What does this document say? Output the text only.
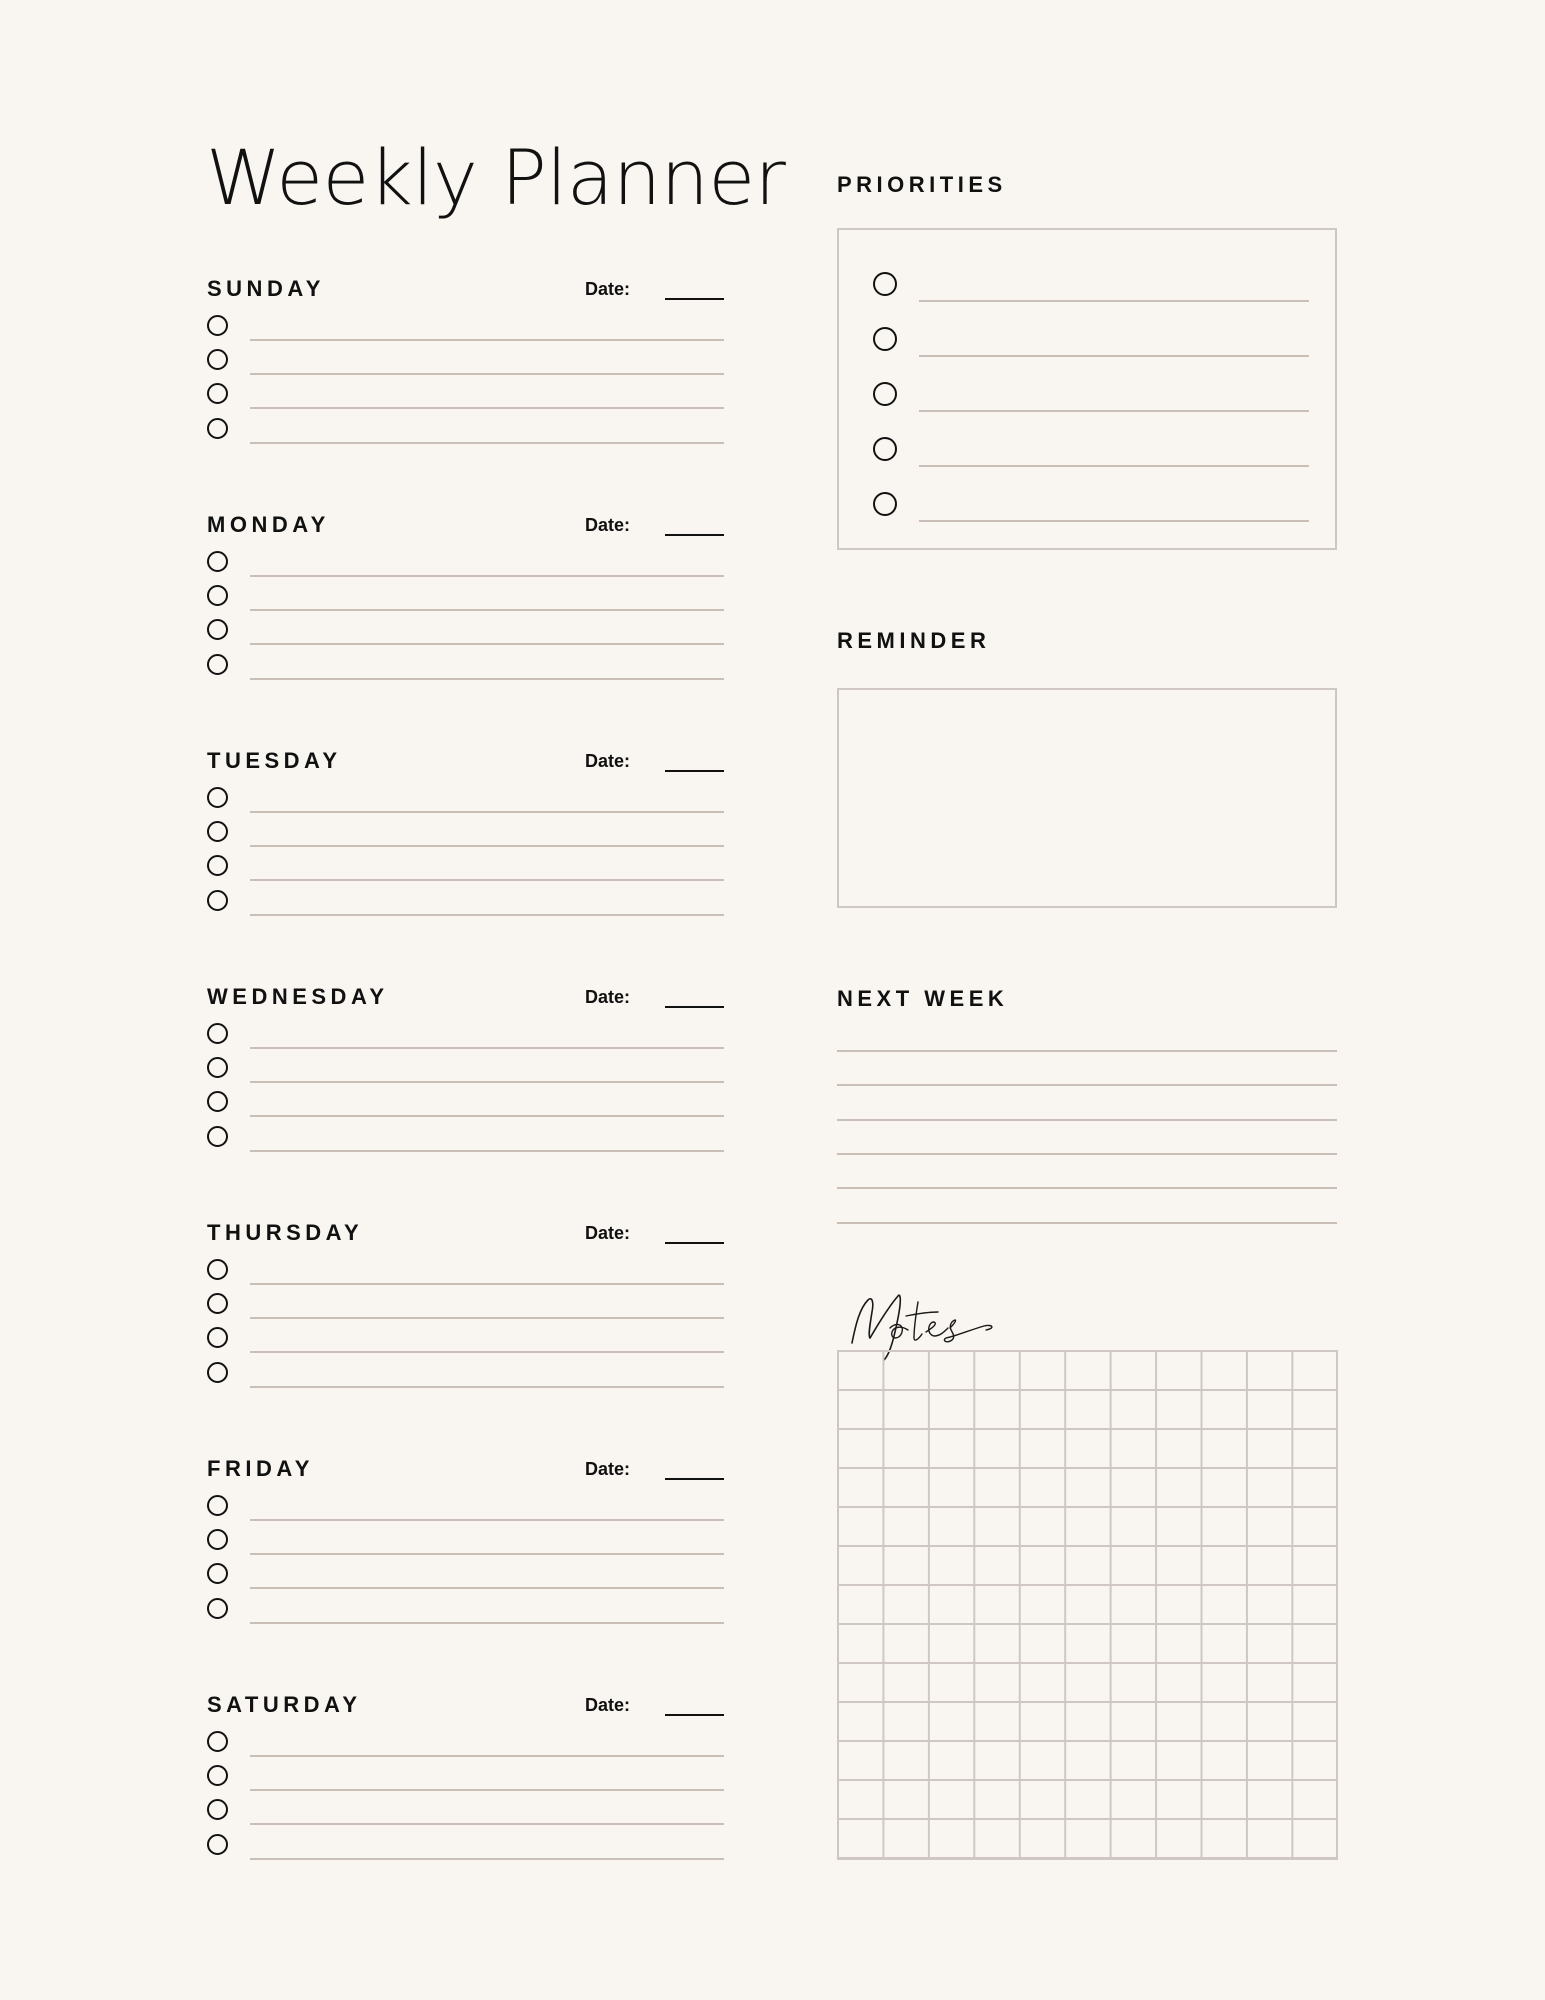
Weekly Planner
SUNDAY	Date:
MONDAY	Date:
TUESDAY	Date:
WEDNESDAY	Date:
THURSDAY	Date:
FRIDAY	Date:
SATURDAY	Date:
PRIORITIES
REMINDER
NEXT WEEK
